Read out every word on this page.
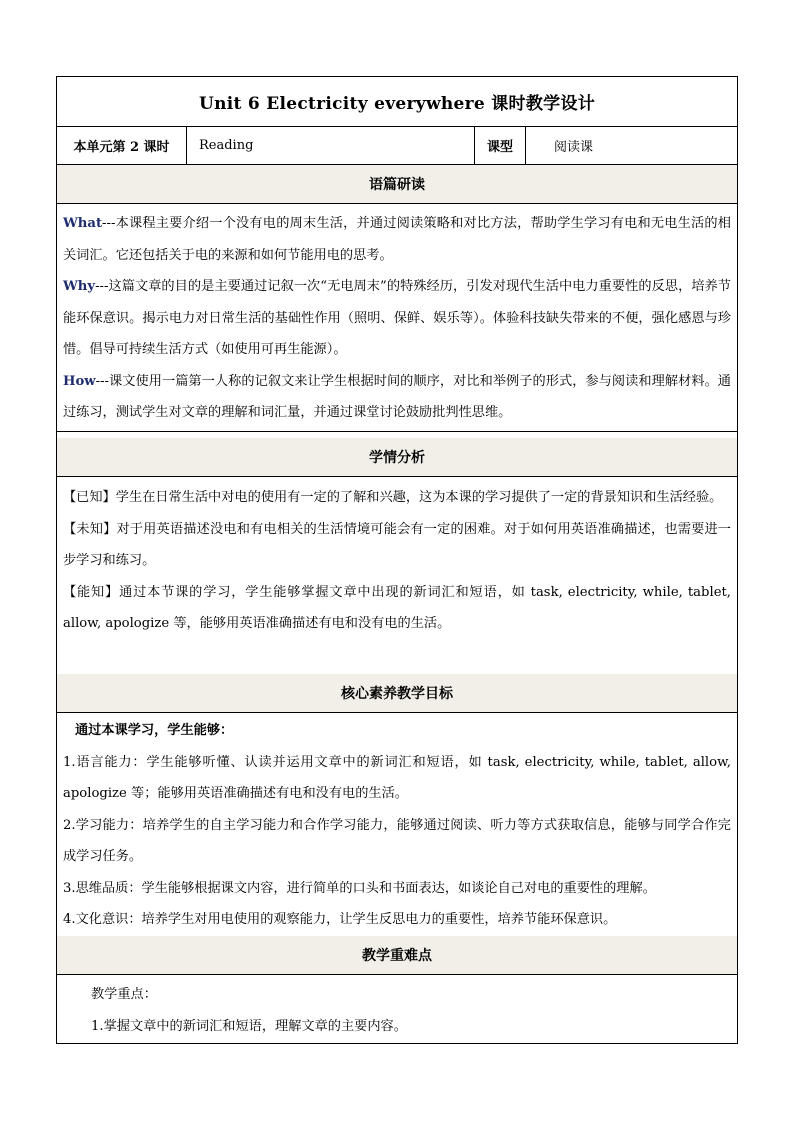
Unit 6 Electricity everywhere 课时教学设计
本单元第 2 课时	Reading	课型	阅读课
语篇研读
What---本课程主要介绍一个没有电的周末生活，并通过阅读策略和对比方法，帮助学生学习有电和无电生活的相关词汇。它还包括关于电的来源和如何节能用电的思考。
Why---这篇文章的目的是主要通过记叙一次“无电周末”的特殊经历，引发对现代生活中电力重要性的反思，培养节能环保意识。揭示电力对日常生活的基础性作用（照明、保鲜、娱乐等）。体验科技缺失带来的不便，强化感恩与珍惜。倡导可持续生活方式（如使用可再生能源）。
How---课文使用一篇第一人称的记叙文来让学生根据时间的顺序，对比和举例子的形式，参与阅读和理解材料。通过练习，测试学生对文章的理解和词汇量，并通过课堂讨论鼓励批判性思维。
学情分析
【已知】学生在日常生活中对电的使用有一定的了解和兴趣，这为本课的学习提供了一定的背景知识和生活经验。
【未知】对于用英语描述没电和有电相关的生活情境可能会有一定的困难。对于如何用英语准确描述，也需要进一步学习和练习。
【能知】通过本节课的学习，学生能够掌握文章中出现的新词汇和短语，如 task, electricity, while, tablet, allow, apologize 等，能够用英语准确描述有电和没有电的生活。
核心素养教学目标
通过本课学习，学生能够：
1.语言能力：学生能够听懂、认读并运用文章中的新词汇和短语，如 task, electricity, while, tablet, allow, apologize 等；能够用英语准确描述有电和没有电的生活。
2.学习能力：培养学生的自主学习能力和合作学习能力，能够通过阅读、听力等方式获取信息，能够与同学合作完成学习任务。
3.思维品质：学生能够根据课文内容，进行简单的口头和书面表达，如谈论自己对电的重要性的理解。
4.文化意识：培养学生对用电使用的观察能力，让学生反思电力的重要性，培养节能环保意识。
教学重难点
教学重点：
1.掌握文章中的新词汇和短语，理解文章的主要内容。
